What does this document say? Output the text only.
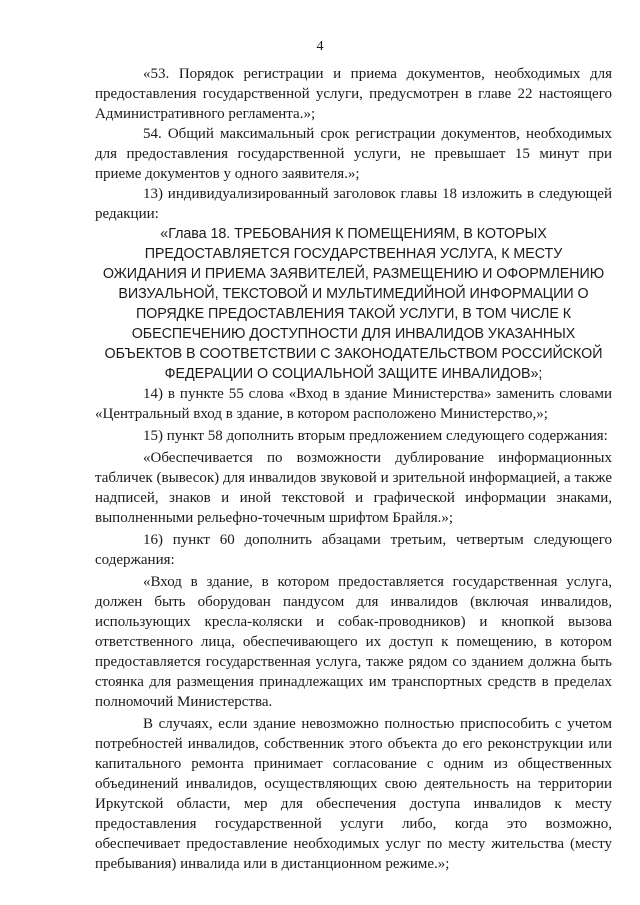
4

«53. Порядок регистрации и приема документов, необходимых для предоставления государственной услуги, предусмотрен в главе 22 настоящего Административного регламента.»;

54. Общий максимальный срок регистрации документов, необходимых для предоставления государственной услуги, не превышает 15 минут при приеме документов у одного заявителя.»;

13) индивидуализированный заголовок главы 18 изложить в следующей редакции:

«Глава 18. ТРЕБОВАНИЯ К ПОМЕЩЕНИЯМ, В КОТОРЫХ ПРЕДОСТАВЛЯЕТСЯ ГОСУДАРСТВЕННАЯ УСЛУГА, К МЕСТУ ОЖИДАНИЯ И ПРИЕМА ЗАЯВИТЕЛЕЙ, РАЗМЕЩЕНИЮ И ОФОРМЛЕНИЮ ВИЗУАЛЬНОЙ, ТЕКСТОВОЙ И МУЛЬТИМЕДИЙНОЙ ИНФОРМАЦИИ О ПОРЯДКЕ ПРЕДОСТАВЛЕНИЯ ТАКОЙ УСЛУГИ, В ТОМ ЧИСЛЕ К ОБЕСПЕЧЕНИЮ ДОСТУПНОСТИ ДЛЯ ИНВАЛИДОВ УКАЗАННЫХ ОБЪЕКТОВ В СООТВЕТСТВИИ С ЗАКОНОДАТЕЛЬСТВОМ РОССИЙСКОЙ ФЕДЕРАЦИИ О СОЦИАЛЬНОЙ ЗАЩИТЕ ИНВАЛИДОВ»;

14) в пункте 55 слова «Вход в здание Министерства» заменить словами «Центральный вход в здание, в котором расположено Министерство,»;

15) пункт 58 дополнить вторым предложением следующего содержания:

«Обеспечивается по возможности дублирование информационных табличек (вывесок) для инвалидов звуковой и зрительной информацией, а также надписей, знаков и иной текстовой и графической информации знаками, выполненными рельефно-точечным шрифтом Брайля.»;

16) пункт 60 дополнить абзацами третьим, четвертым следующего содержания:

«Вход в здание, в котором предоставляется государственная услуга, должен быть оборудован пандусом для инвалидов (включая инвалидов, использующих кресла-коляски и собак-проводников) и кнопкой вызова ответственного лица, обеспечивающего их доступ к помещению, в котором предоставляется государственная услуга, также рядом со зданием должна быть стоянка для размещения принадлежащих им транспортных средств в пределах полномочий Министерства.

В случаях, если здание невозможно полностью приспособить с учетом потребностей инвалидов, собственник этого объекта до его реконструкции или капитального ремонта принимает согласование с одним из общественных объединений инвалидов, осуществляющих свою деятельность на территории Иркутской области, мер для обеспечения доступа инвалидов к месту предоставления государственной услуги либо, когда это возможно, обеспечивает предоставление необходимых услуг по месту жительства (месту пребывания) инвалида или в дистанционном режиме.»;
